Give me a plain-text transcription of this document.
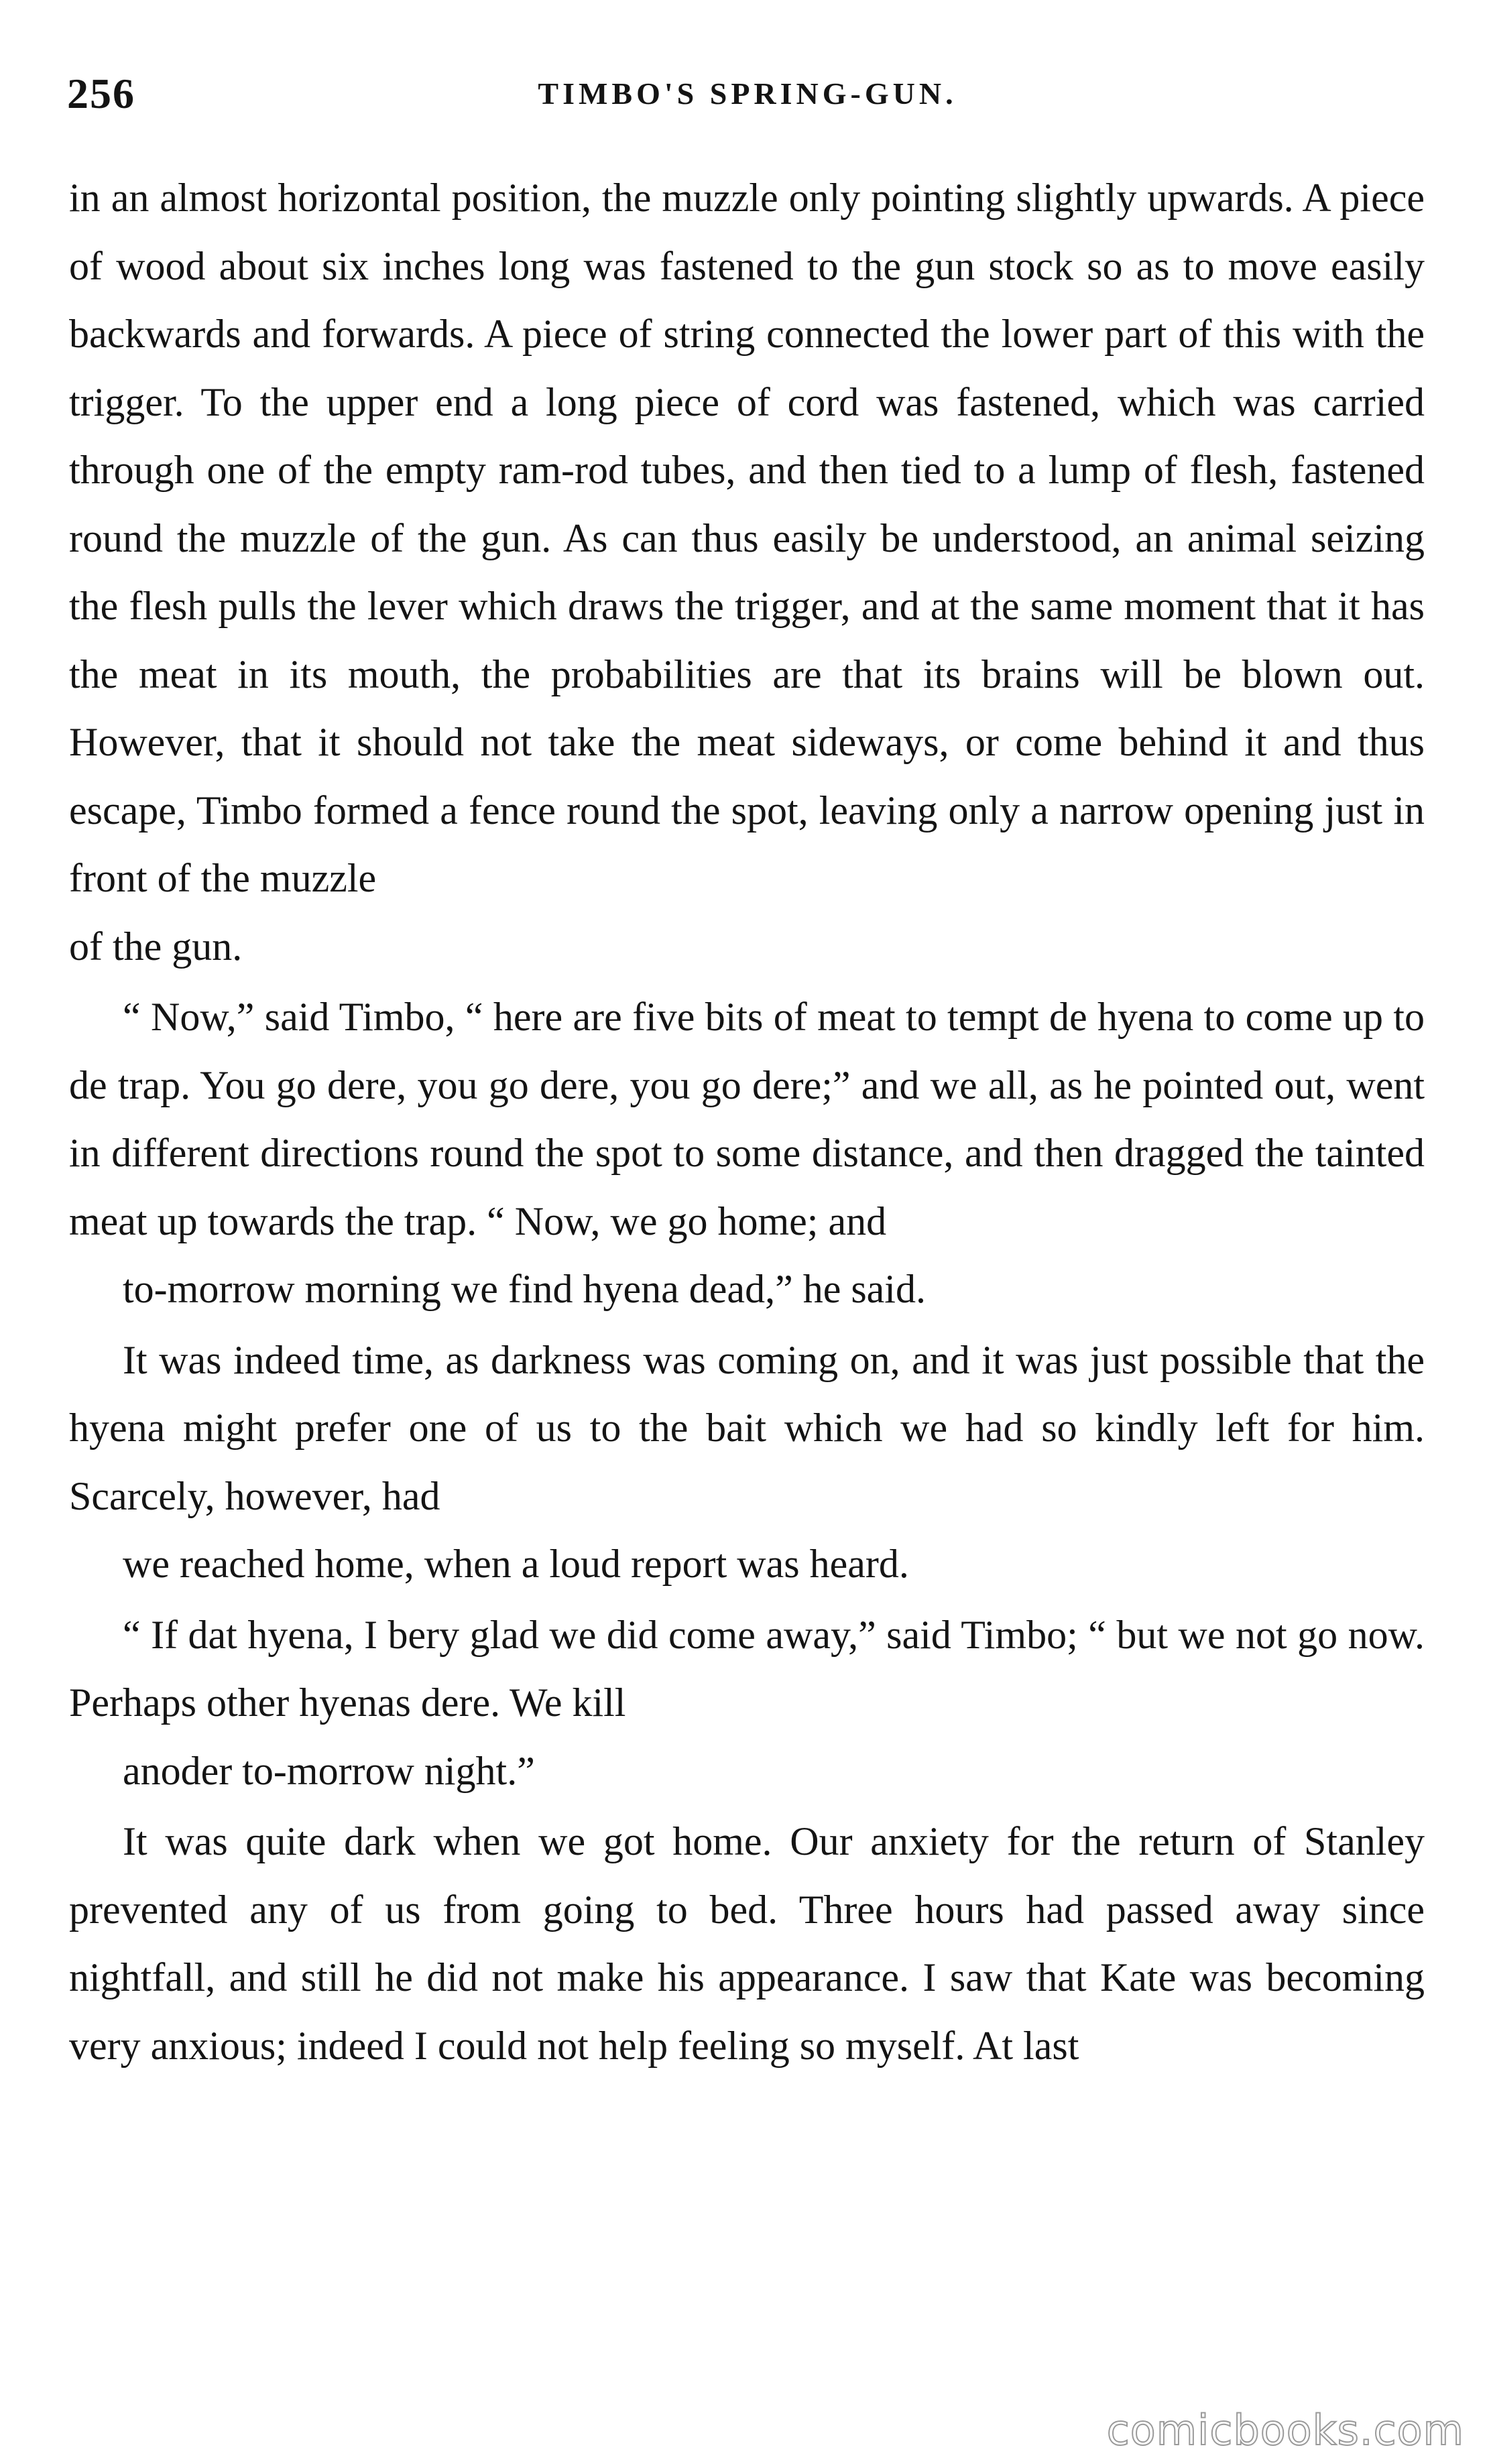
256	TIMBO'S SPRING-GUN.

in an almost horizontal position, the muzzle only pointing slightly upwards. A piece of wood about six inches long was fastened to the gun stock so as to move easily backwards and forwards. A piece of string connected the lower part of this with the trigger. To the upper end a long piece of cord was fastened, which was carried through one of the empty ram-rod tubes, and then tied to a lump of flesh, fastened round the muzzle of the gun. As can thus easily be understood, an animal seizing the flesh pulls the lever which draws the trigger, and at the same moment that it has the meat in its mouth, the probabilities are that its brains will be blown out. However, that it should not take the meat sideways, or come behind it and thus escape, Timbo formed a fence round the spot, leaving only a narrow opening just in front of the muzzle
of the gun.

“ Now,” said Timbo, “ here are five bits of meat to tempt de hyena to come up to de trap. You go dere, you go dere, you go dere;” and we all, as he pointed out, went in different directions round the spot to some distance, and then dragged the tainted meat up towards the trap. “ Now, we go home; and
to-morrow morning we find hyena dead,” he said.

It was indeed time, as darkness was coming on, and it was just possible that the hyena might prefer one of us to the bait which we had so kindly left for him. Scarcely, however, had
we reached home, when a loud report was heard.

“ If dat hyena, I bery glad we did come away,” said Timbo; “ but we not go now. Perhaps other hyenas dere. We kill
anoder to-morrow night.”

It was quite dark when we got home. Our anxiety for the return of Stanley prevented any of us from going to bed. Three hours had passed away since nightfall, and still he did not make his appearance. I saw that Kate was becoming very anxious; indeed I could not help feeling so myself. At last

comicbooks.com
